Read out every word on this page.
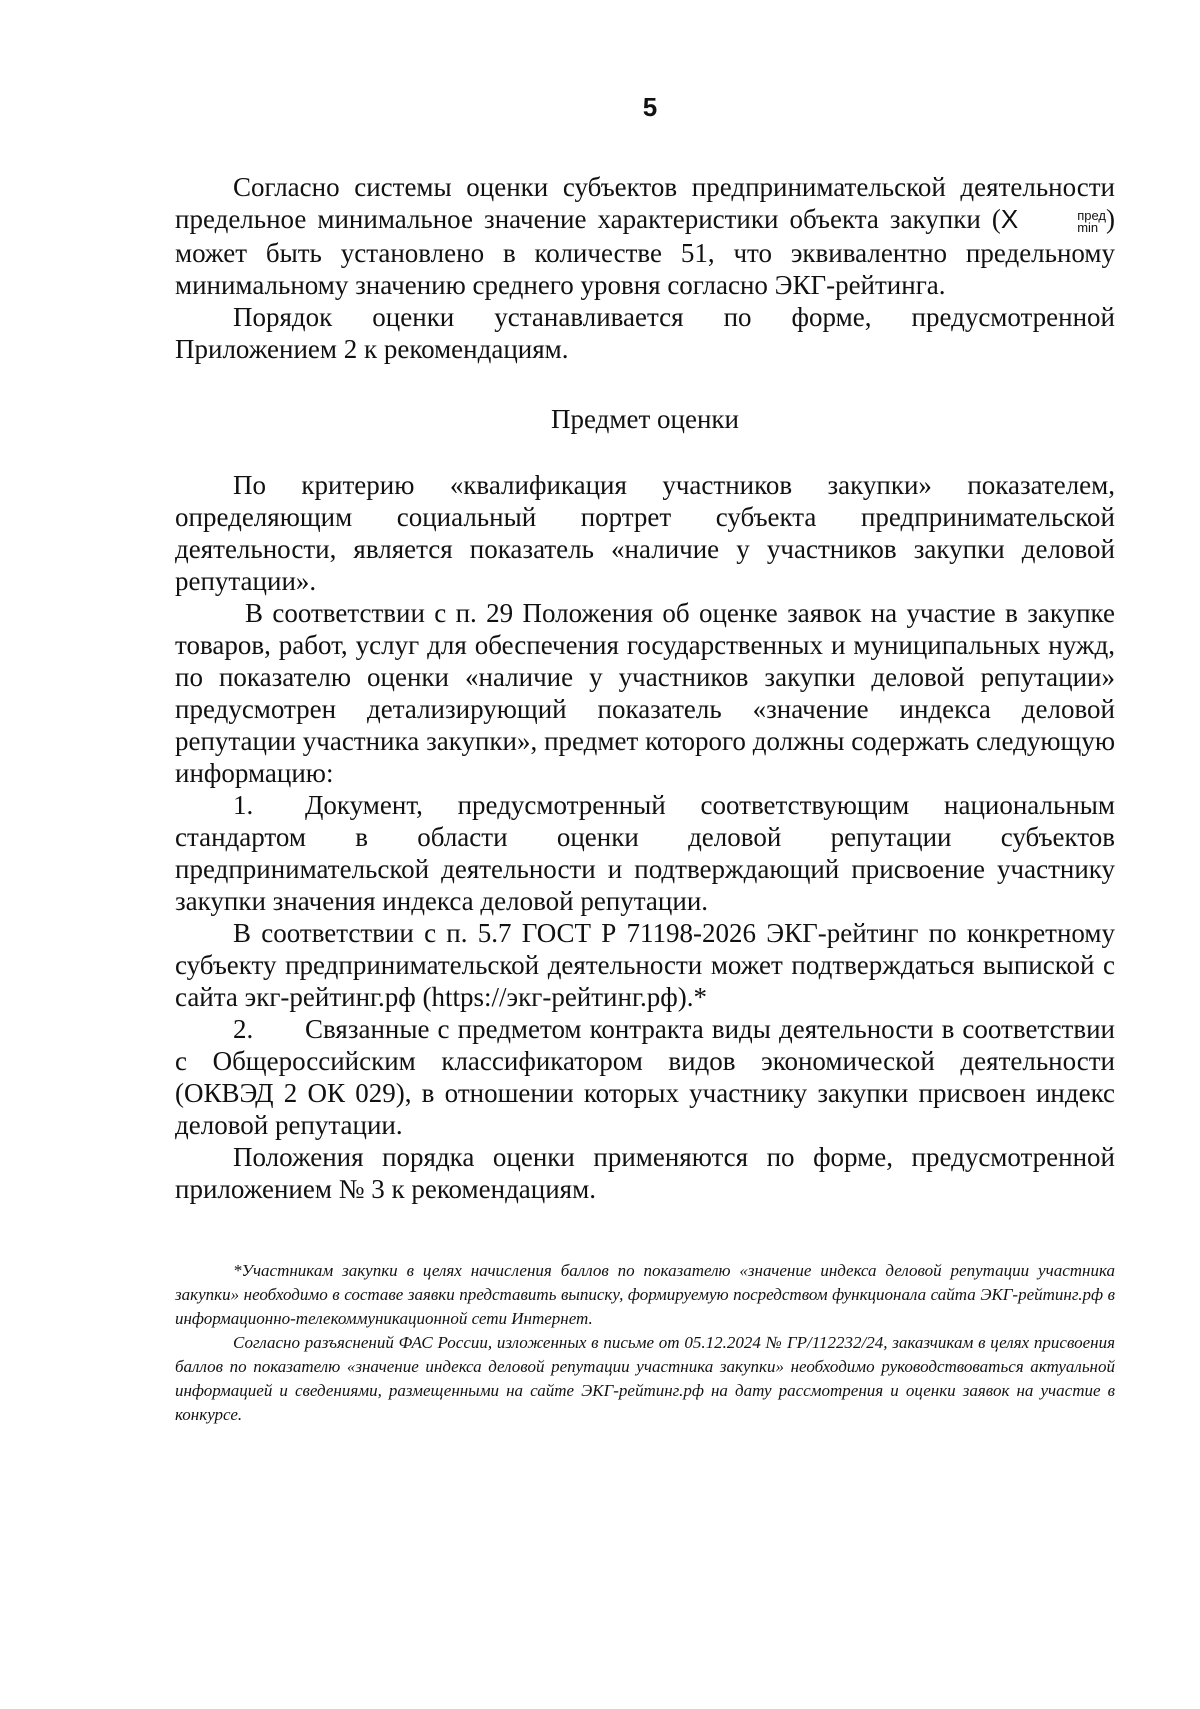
5

Согласно системы оценки субъектов предпринимательской деятельности предельное минимальное значение характеристики объекта закупки (X	пред
min ) может быть установлено в количестве 51, что эквивалентно предельному минимальному значению среднего уровня согласно ЭКГ-рейтинга.

Порядок оценки устанавливается по форме, предусмотренной Приложением 2 к рекомендациям.

Предмет оценки

По критерию «квалификация участников закупки» показателем, определяющим социальный портрет субъекта предпринимательской деятельности, является показатель «наличие у участников закупки деловой репутации».

В соответствии с п. 29 Положения об оценке заявок на участие в закупке товаров, работ, услуг для обеспечения государственных и муниципальных нужд, по показателю оценки «наличие у участников закупки деловой репутации» предусмотрен детализирующий показатель «значение индекса деловой репутации участника закупки», предмет которого должны содержать следующую информацию:

1. Документ, предусмотренный соответствующим национальным стандартом в области оценки деловой репутации субъектов предпринимательской деятельности и подтверждающий присвоение участнику закупки значения индекса деловой репутации.

В соответствии с п. 5.7 ГОСТ Р 71198-2026 ЭКГ-рейтинг по конкретному субъекту предпринимательской деятельности может подтверждаться выпиской с сайта экг-рейтинг.рф (https://экг-рейтинг.рф).*

2. Связанные с предметом контракта виды деятельности в соответствии с Общероссийским классификатором видов экономической деятельности (ОКВЭД 2 ОК 029), в отношении которых участнику закупки присвоен индекс деловой репутации.

Положения порядка оценки применяются по форме, предусмотренной приложением № 3 к рекомендациям.

*Участникам закупки в целях начисления баллов по показателю «значение индекса деловой репутации участника закупки» необходимо в составе заявки представить выписку, формируемую посредством функционала сайта ЭКГ-рейтинг.рф в информационно-телекоммуникационной сети Интернет.

Согласно разъяснений ФАС России, изложенных в письме от 05.12.2024 № ГР/112232/24, заказчикам в целях присвоения баллов по показателю «значение индекса деловой репутации участника закупки» необходимо руководствоваться актуальной информацией и сведениями, размещенными на сайте ЭКГ-рейтинг.рф на дату рассмотрения и оценки заявок на участие в конкурсе.
